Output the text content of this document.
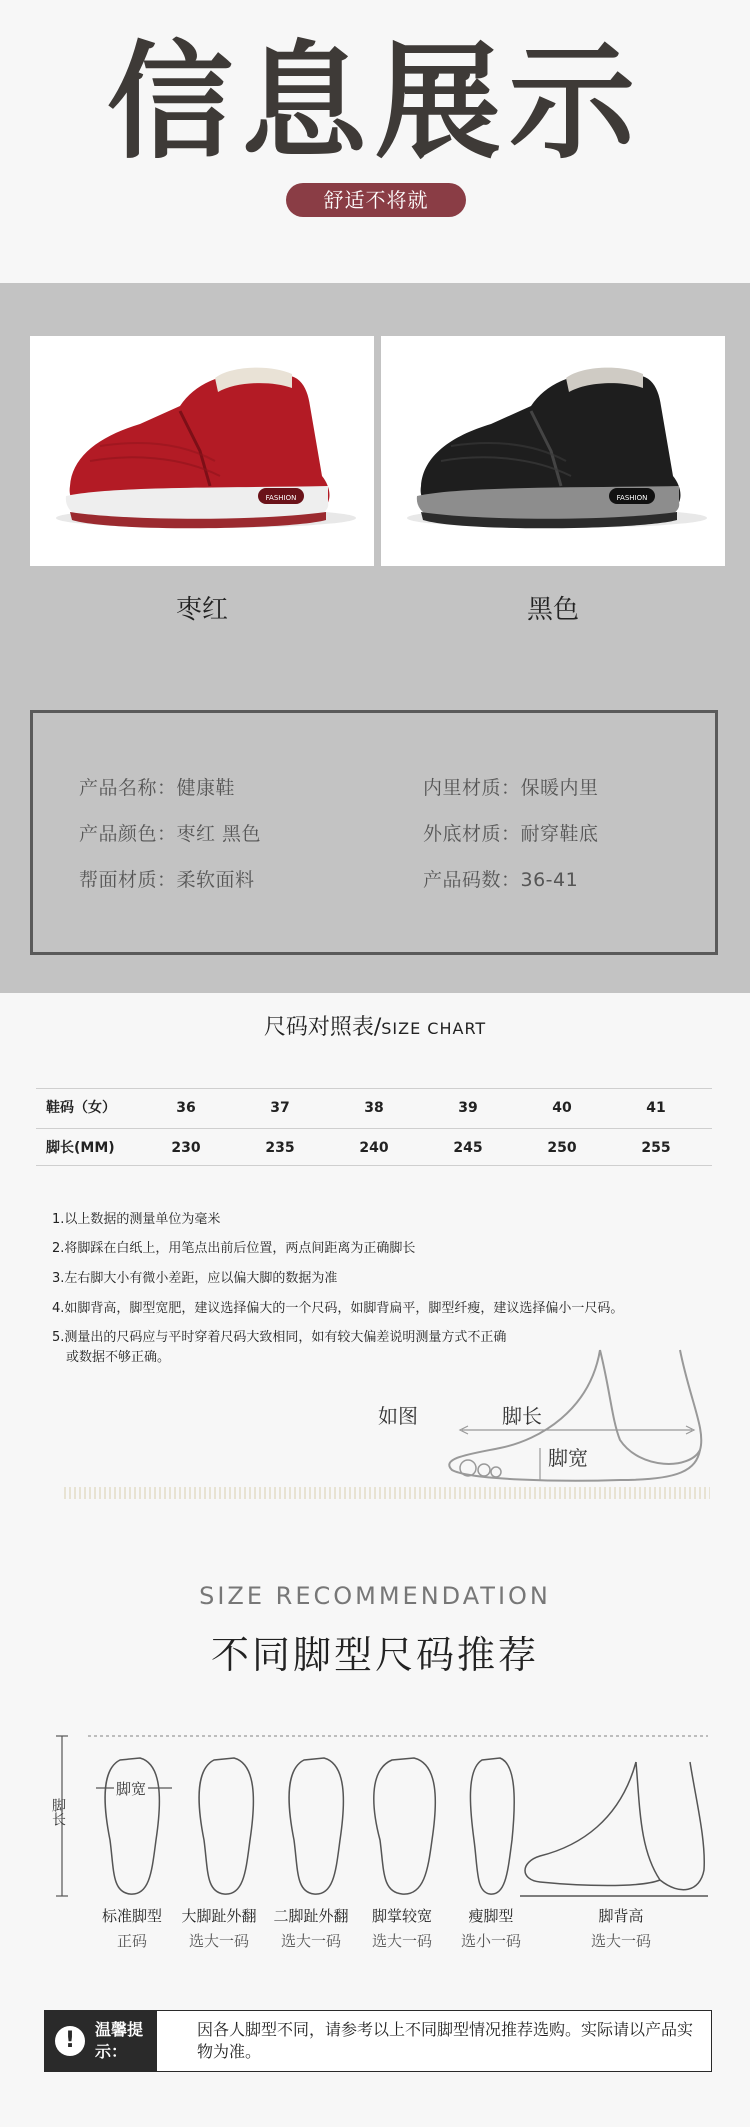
信息展示
舒适不将就
FASHION	FASHION
枣红	黑色
产品名称：健康鞋	内里材质：保暖内里
产品颜色：枣红 黑色	外底材质：耐穿鞋底
帮面材质：柔软面料	产品码数：36-41
尺码对照表/SIZE CHART
鞋码（女）	36	37	38	39	40	41
脚长(MM)	230	235	240	245	250	255
1.以上数据的测量单位为毫米
2.将脚踩在白纸上，用笔点出前后位置，两点间距离为正确脚长
3.左右脚大小有微小差距，应以偏大脚的数据为准
4.如脚背高，脚型宽肥，建议选择偏大的一个尺码，如脚背扁平，脚型纤瘦，建议选择偏小一尺码。
5.测量出的尺码应与平时穿着尺码大致相同，如有较大偏差说明测量方式不正确
或数据不够正确。
如图	脚长
脚宽
SIZE RECOMMENDATION
不同脚型尺码推荐
脚长
脚宽
标准脚型
正码
大脚趾外翻
选大一码
二脚趾外翻
选大一码
脚掌较宽
选大一码
瘦脚型
选小一码
脚背高
选大一码
!	温馨提示：
因各人脚型不同，请参考以上不同脚型情况推荐选购。实际请以产品实物为准。
